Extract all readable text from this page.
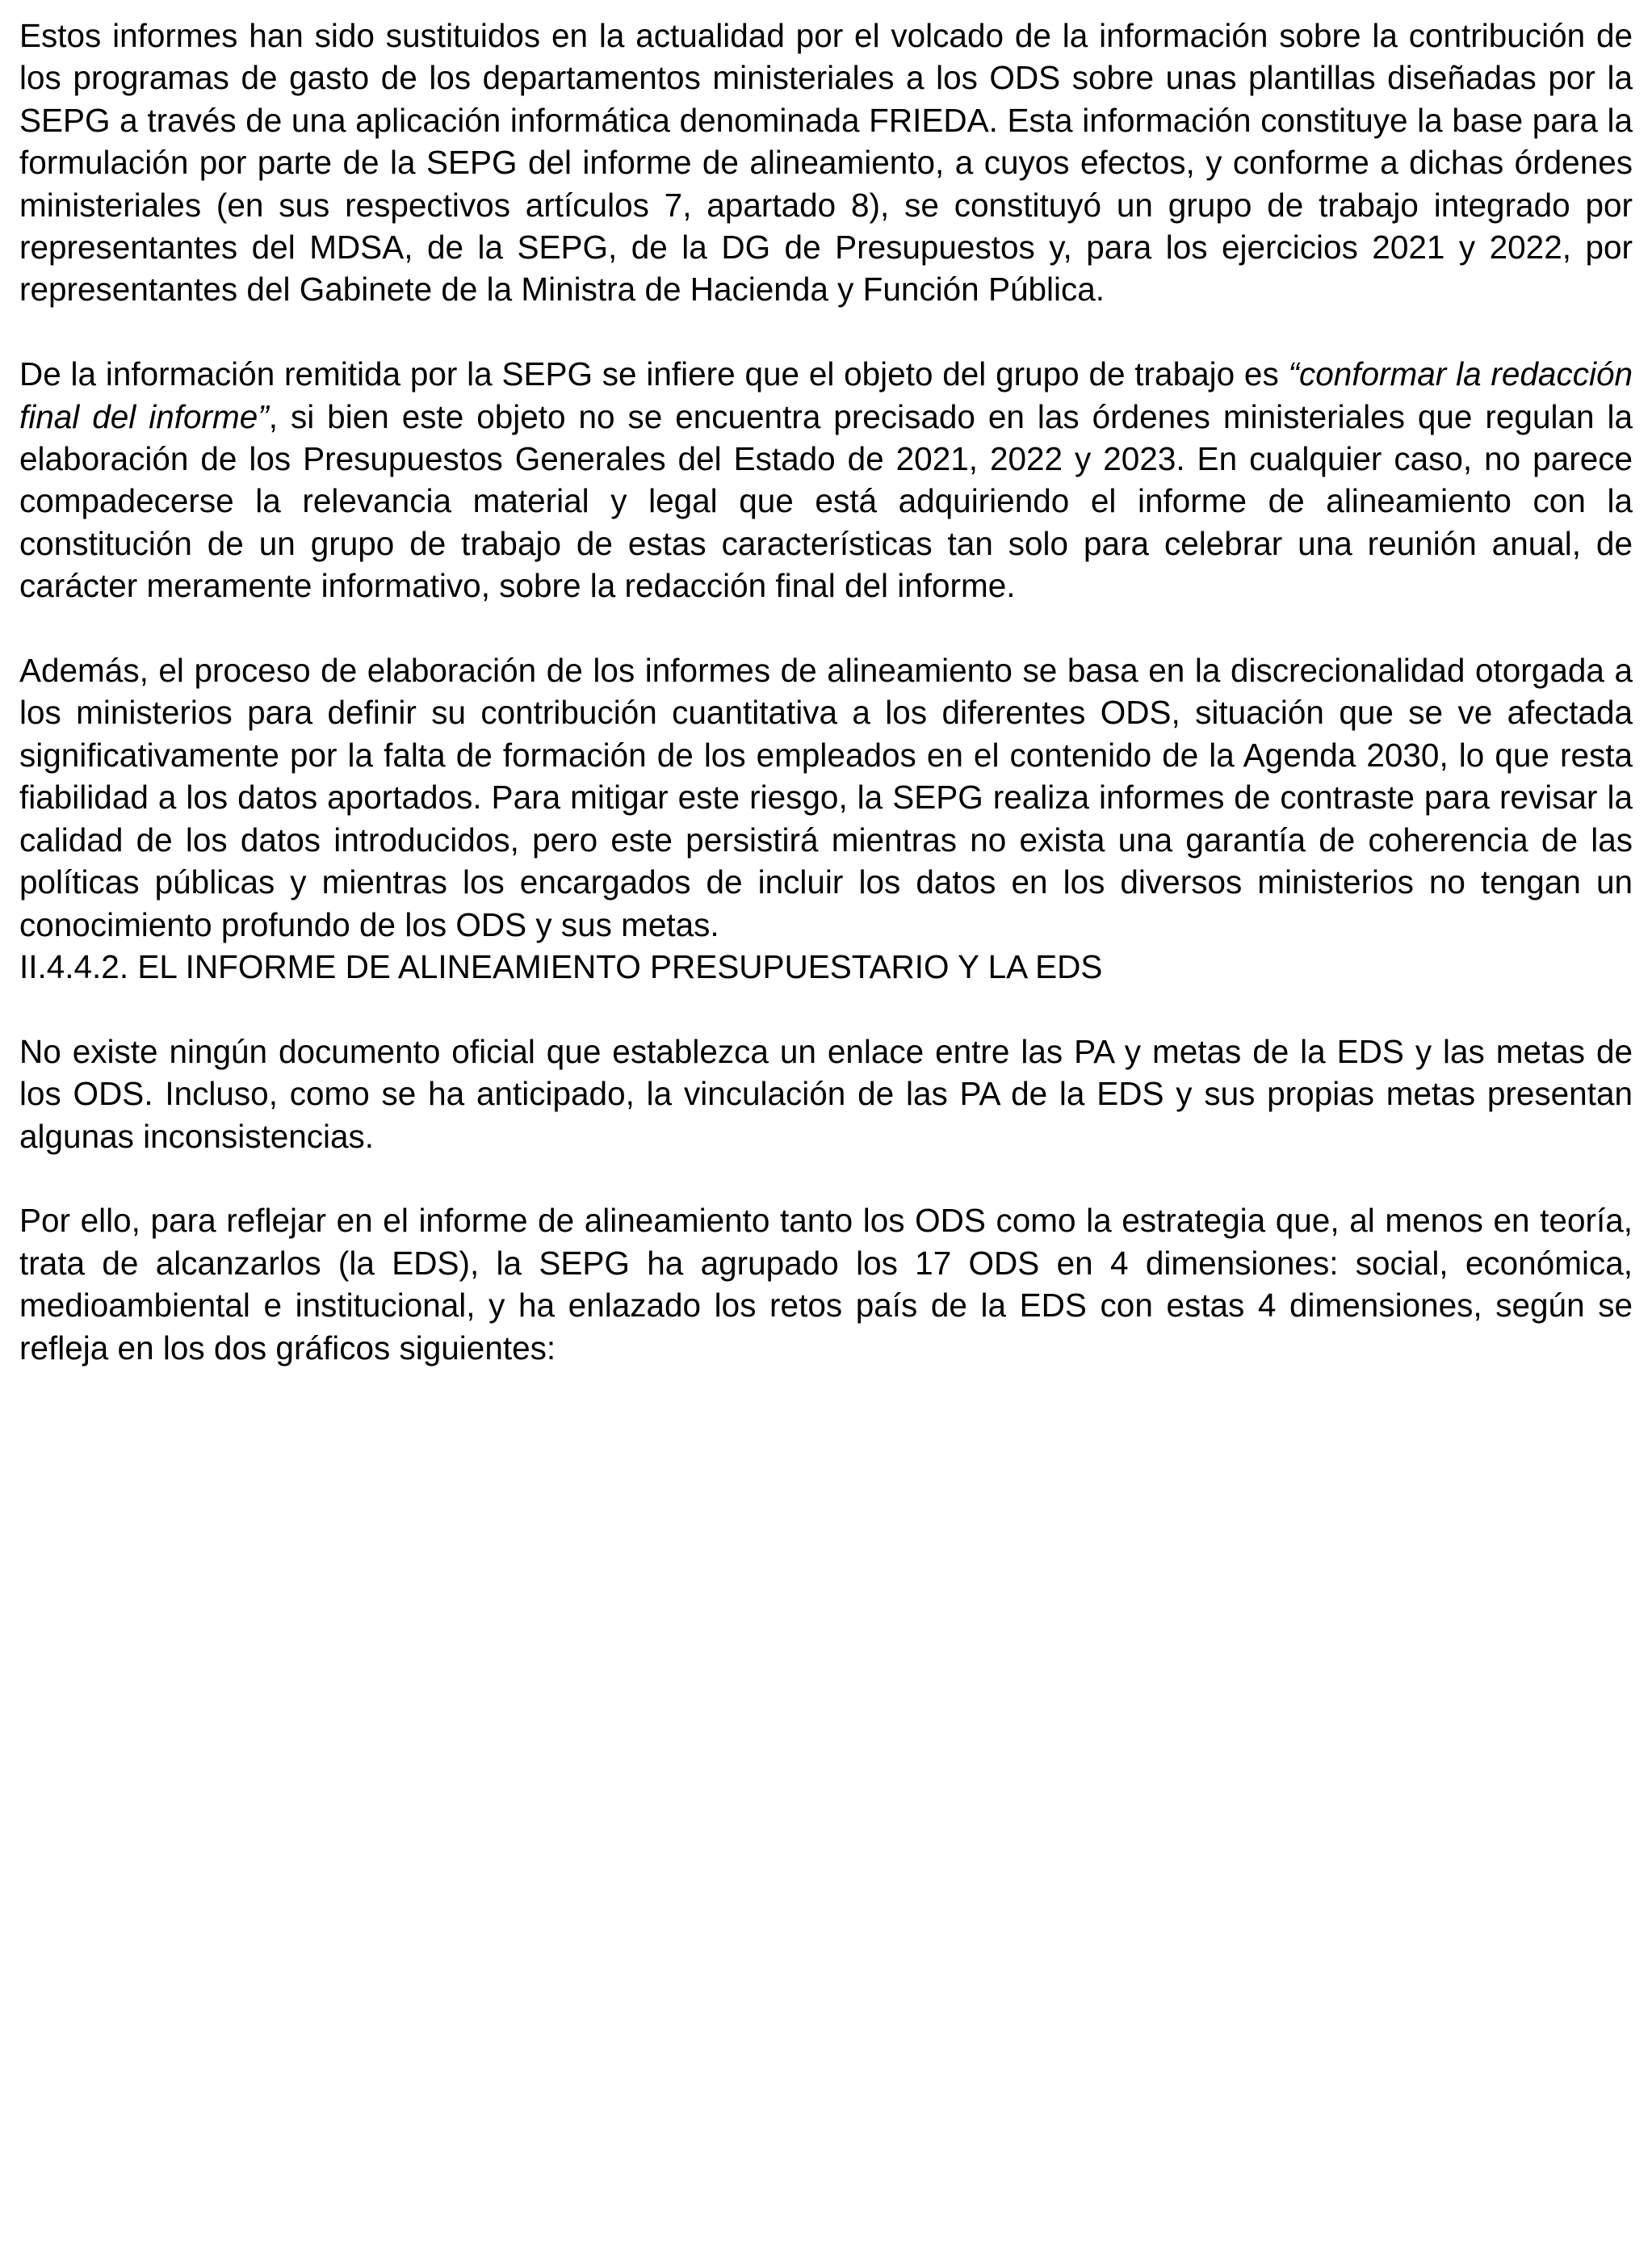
Estos informes han sido sustituidos en la actualidad por el volcado de la información sobre la contribución de los programas de gasto de los departamentos ministeriales a los ODS sobre unas plantillas diseñadas por la SEPG a través de una aplicación informática denominada FRIEDA. Esta información constituye la base para la formulación por parte de la SEPG del informe de alineamiento, a cuyos efectos, y conforme a dichas órdenes ministeriales (en sus respectivos artículos 7, apartado 8), se constituyó un grupo de trabajo integrado por representantes del MDSA, de la SEPG, de la DG de Presupuestos y, para los ejercicios 2021 y 2022, por representantes del Gabinete de la Ministra de Hacienda y Función Pública.

De la información remitida por la SEPG se infiere que el objeto del grupo de trabajo es “conformar la redacción final del informe”, si bien este objeto no se encuentra precisado en las órdenes ministeriales que regulan la elaboración de los Presupuestos Generales del Estado de 2021, 2022 y 2023. En cualquier caso, no parece compadecerse la relevancia material y legal que está adquiriendo el informe de alineamiento con la constitución de un grupo de trabajo de estas características tan solo para celebrar una reunión anual, de carácter meramente informativo, sobre la redacción final del informe.

Además, el proceso de elaboración de los informes de alineamiento se basa en la discrecionalidad otorgada a los ministerios para definir su contribución cuantitativa a los diferentes ODS, situación que se ve afectada significativamente por la falta de formación de los empleados en el contenido de la Agenda 2030, lo que resta fiabilidad a los datos aportados. Para mitigar este riesgo, la SEPG realiza informes de contraste para revisar la calidad de los datos introducidos, pero este persistirá mientras no exista una garantía de coherencia de las políticas públicas y mientras los encargados de incluir los datos en los diversos ministerios no tengan un conocimiento profundo de los ODS y sus metas.

II.4.4.2. EL INFORME DE ALINEAMIENTO PRESUPUESTARIO Y LA EDS

No existe ningún documento oficial que establezca un enlace entre las PA y metas de la EDS y las metas de los ODS. Incluso, como se ha anticipado, la vinculación de las PA de la EDS y sus propias metas presentan algunas inconsistencias.

Por ello, para reflejar en el informe de alineamiento tanto los ODS como la estrategia que, al menos en teoría, trata de alcanzarlos (la EDS), la SEPG ha agrupado los 17 ODS en 4 dimensiones: social, económica, medioambiental e institucional, y ha enlazado los retos país de la EDS con estas 4 dimensiones, según se refleja en los dos gráficos siguientes:
